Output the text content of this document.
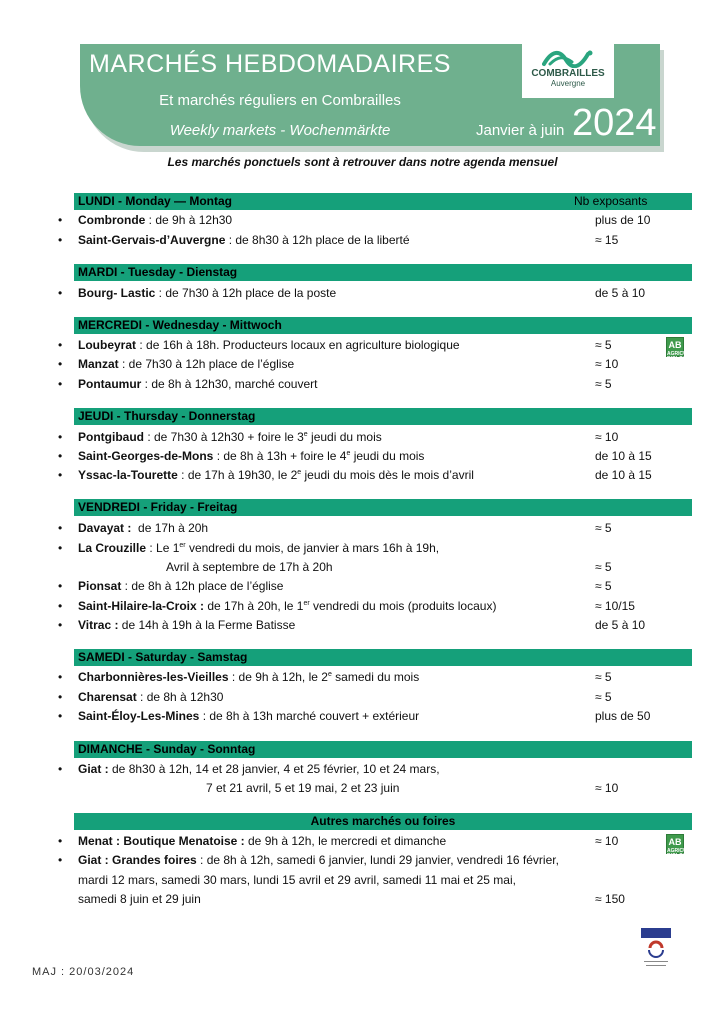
MARCHÉS HEBDOMADAIRES
Et marchés réguliers en Combrailles
Weekly markets - Wochenmärkte	Janvier à juin 2024
COMBRAILLES
Auvergne
Les marchés ponctuels sont à retrouver dans notre agenda mensuel
LUNDI - Monday — Montag	Nb exposants
• Combronde : de 9h à 12h30	plus de 10
• Saint-Gervais-d’Auvergne : de 8h30 à 12h place de la liberté	≈ 15
MARDI - Tuesday - Dienstag
• Bourg- Lastic : de 7h30 à 12h place de la poste	de 5 à 10
MERCREDI - Wednesday - Mittwoch
• Loubeyrat : de 16h à 18h. Producteurs locaux en agriculture biologique	≈ 5	AB
AGRICULTURE BIOLOGIQUE
• Manzat : de 7h30 à 12h place de l’église	≈ 10
• Pontaumur : de 8h à 12h30, marché couvert	≈ 5
JEUDI - Thursday - Donnerstag
• Pontgibaud : de 7h30 à 12h30 + foire le 3e jeudi du mois	≈ 10
• Saint-Georges-de-Mons : de 8h à 13h + foire le 4e jeudi du mois	de 10 à 15
• Yssac-la-Tourette : de 17h à 19h30, le 2e jeudi du mois dès le mois d’avril	de 10 à 15
VENDREDI - Friday - Freitag
• Davayat :  de 17h à 20h	≈ 5
• La Crouzille : Le 1er vendredi du mois, de janvier à mars 16h à 19h,
Avril à septembre de 17h à 20h	≈ 5
• Pionsat : de 8h à 12h place de l’église	≈ 5
• Saint-Hilaire-la-Croix : de 17h à 20h, le 1er vendredi du mois (produits locaux)	≈ 10/15
• Vitrac : de 14h à 19h à la Ferme Batisse	de 5 à 10
SAMEDI - Saturday - Samstag
• Charbonnières-les-Vieilles : de 9h à 12h, le 2e samedi du mois	≈ 5
• Charensat : de 8h à 12h30	≈ 5
• Saint-Éloy-Les-Mines : de 8h à 13h marché couvert + extérieur	plus de 50
DIMANCHE - Sunday - Sonntag
• Giat : de 8h30 à 12h, 14 et 28 janvier, 4 et 25 février, 10 et 24 mars,
7 et 21 avril, 5 et 19 mai, 2 et 23 juin	≈ 10
Autres marchés ou foires
• Menat : Boutique Menatoise : de 9h à 12h, le mercredi et dimanche	≈ 10	AB
AGRICULTURE BIOLOGIQUE
• Giat : Grandes foires : de 8h à 12h, samedi 6 janvier, lundi 29 janvier, vendredi 16 février,
mardi 12 mars, samedi 30 mars, lundi 15 avril et 29 avril, samedi 11 mai et 25 mai,
samedi 8 juin et 29 juin	≈ 150
MAJ : 20/03/2024
